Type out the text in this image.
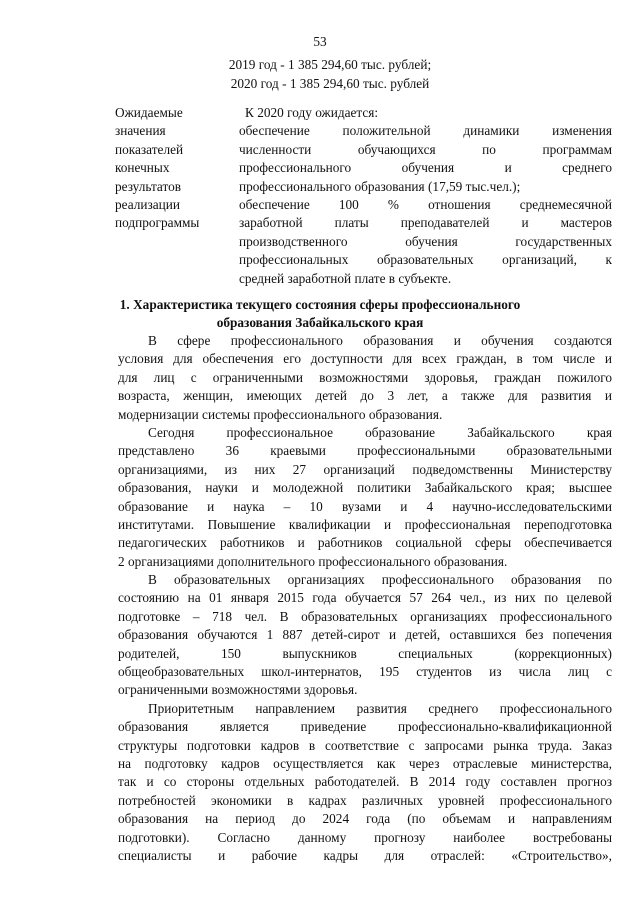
53
2019 год - 1 385 294,60 тыс. рублей;
2020 год - 1 385 294,60 тыс. рублей
Ожидаемые
значения
показателей
конечных
результатов
реализации
подпрограммы
К 2020 году ожидается:
обеспечение положительной динамики изменения
численности обучающихся по программам
профессионального обучения и среднего
профессионального образования (17,59 тыс.чел.);
обеспечение 100 % отношения среднемесячной
заработной платы преподавателей и мастеров
производственного обучения государственных
профессиональных образовательных организаций, к
средней заработной плате в субъекте.
1. Характеристика текущего состояния сферы профессионального
образования Забайкальского края
В сфере профессионального образования и обучения создаются
условия для обеспечения его доступности для всех граждан, в том числе и
для лиц с ограниченными возможностями здоровья, граждан пожилого
возраста, женщин, имеющих детей до 3 лет, а также для развития и
модернизации системы профессионального образования.
Сегодня профессиональное образование Забайкальского края
представлено 36 краевыми профессиональными образовательными
организациями, из них 27 организаций подведомственны Министерству
образования, науки и молодежной политики Забайкальского края; высшее
образование и наука – 10 вузами и 4 научно-исследовательскими
институтами. Повышение квалификации и профессиональная переподготовка
педагогических работников и работников социальной сферы обеспечивается
2 организациями дополнительного профессионального образования.
В образовательных организациях профессионального образования по
состоянию на 01 января 2015 года обучается 57 264 чел., из них по целевой
подготовке – 718 чел. В образовательных организациях профессионального
образования обучаются 1 887 детей-сирот и детей, оставшихся без попечения
родителей, 150 выпускников специальных (коррекционных)
общеобразовательных школ-интернатов, 195 студентов из числа лиц с
ограниченными возможностями здоровья.
Приоритетным направлением развития среднего профессионального
образования является приведение профессионально-квалификационной
структуры подготовки кадров в соответствие с запросами рынка труда. Заказ
на подготовку кадров осуществляется как через отраслевые министерства,
так и со стороны отдельных работодателей. В 2014 году составлен прогноз
потребностей экономики в кадрах различных уровней профессионального
образования на период до 2024 года (по объемам и направлениям
подготовки). Согласно данному прогнозу наиболее востребованы
специалисты и рабочие кадры для отраслей: «Строительство»,
